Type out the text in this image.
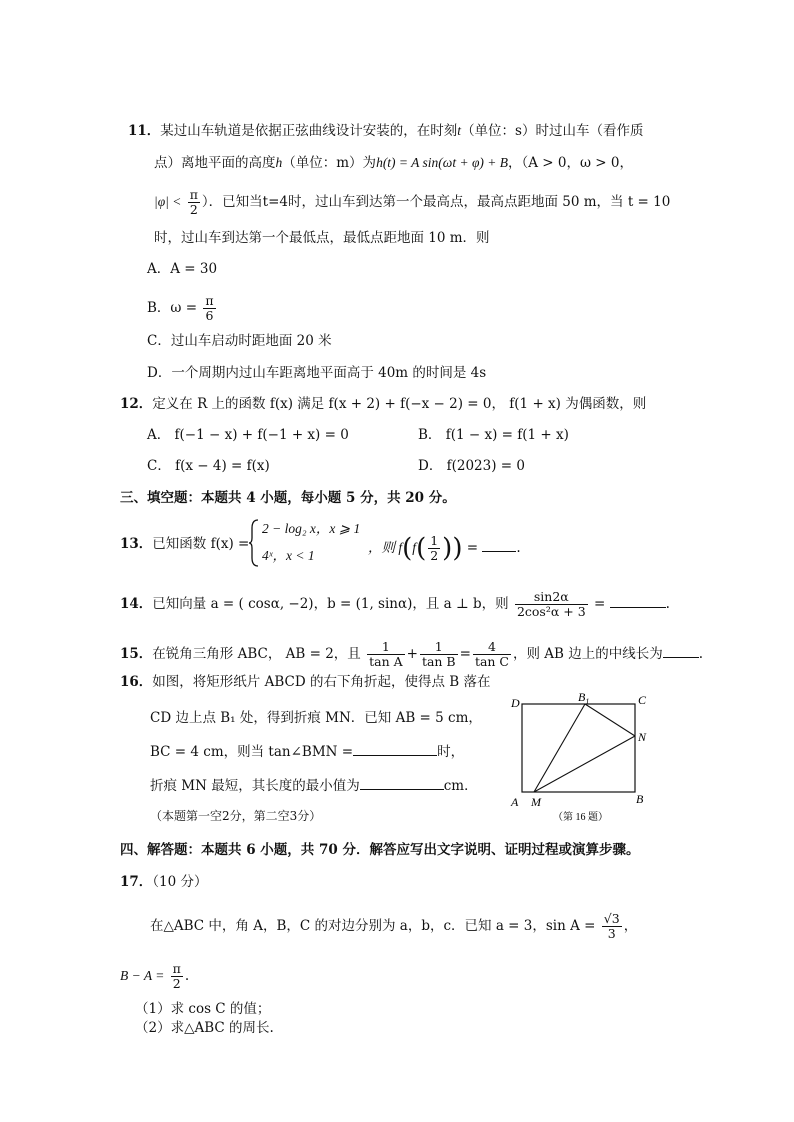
11．某过山车轨道是依据正弦曲线设计安装的，在时刻t（单位：s）时过山车（看作质
点）离地平面的高度h（单位：m）为h(t) = A sin(ωt + φ) + B，（A > 0，ω > 0，
$|\varphi| < \frac{\pi}{2}$ ）．已知当t=4时，过山车到达第一个最高点，最高点距地面 50 m，当 t = 10
时，过山车到达第一个最低点，最低点距地面 10 m．则
A．A = 30
B．$\omega = \frac{\pi}{6}$
C．过山车启动时距地面 20 米
D．一个周期内过山车距离地平面高于 40m 的时间是 4s
12．定义在 R 上的函数 f(x) 满足 f(x + 2) + f(−x − 2) = 0， f(1 + x) 为偶函数，则
A． f(−1 − x) + f(−1 + x) = 0	B． f(1 − x) = f(1 + x)
C． f(x − 4) = f(x)	D． f(2023) = 0
三、填空题：本题共 4 小题，每小题 5 分，共 20 分。
13．已知函数 f(x) =
2 − log₂ x，x ⩾ 1
4ˣ，x < 1
，则 $f(f( \frac{1}{2}$ )) =	.
14．已知向量 a = ( cosα, −2)，b = (1, sinα)，且 a ⊥ b，则 $\frac{\sin 2\alpha}{\text{2cos²α + 3}}$ =	.
15．在锐角三角形 ABC， AB = 2，且 $\frac{1}{\text{tan A}} + \frac{1}{\text{tan B}} = \frac{4}{\text{tan C}}$ ，则 AB 边上的中线长为	.
16．如图，将矩形纸片 ABCD 的右下角折起，使得点 B 落在
CD 边上点 B₁ 处，得到折痕 MN．已知 AB = 5 cm，
BC = 4 cm，则当 tan∠BMN =	时，
折痕 MN 最短，其长度的最小值为	cm．
（本题第一空2分，第二空3分）
D	$B_1$	C
N
A M	B
（第 16 题）
四、解答题：本题共 6 小题，共 70 分．解答应写出文字说明、证明过程或演算步骤。
17．（10 分）
在△ABC 中，角 A，B，C 的对边分别为 a，b，c．已知 a = 3，$\sin A = \frac{√3}{3}$ ，
$B - A = \frac{\pi}{2}$ .
（1）求 cos C 的值；
（2）求△ABC 的周长.
